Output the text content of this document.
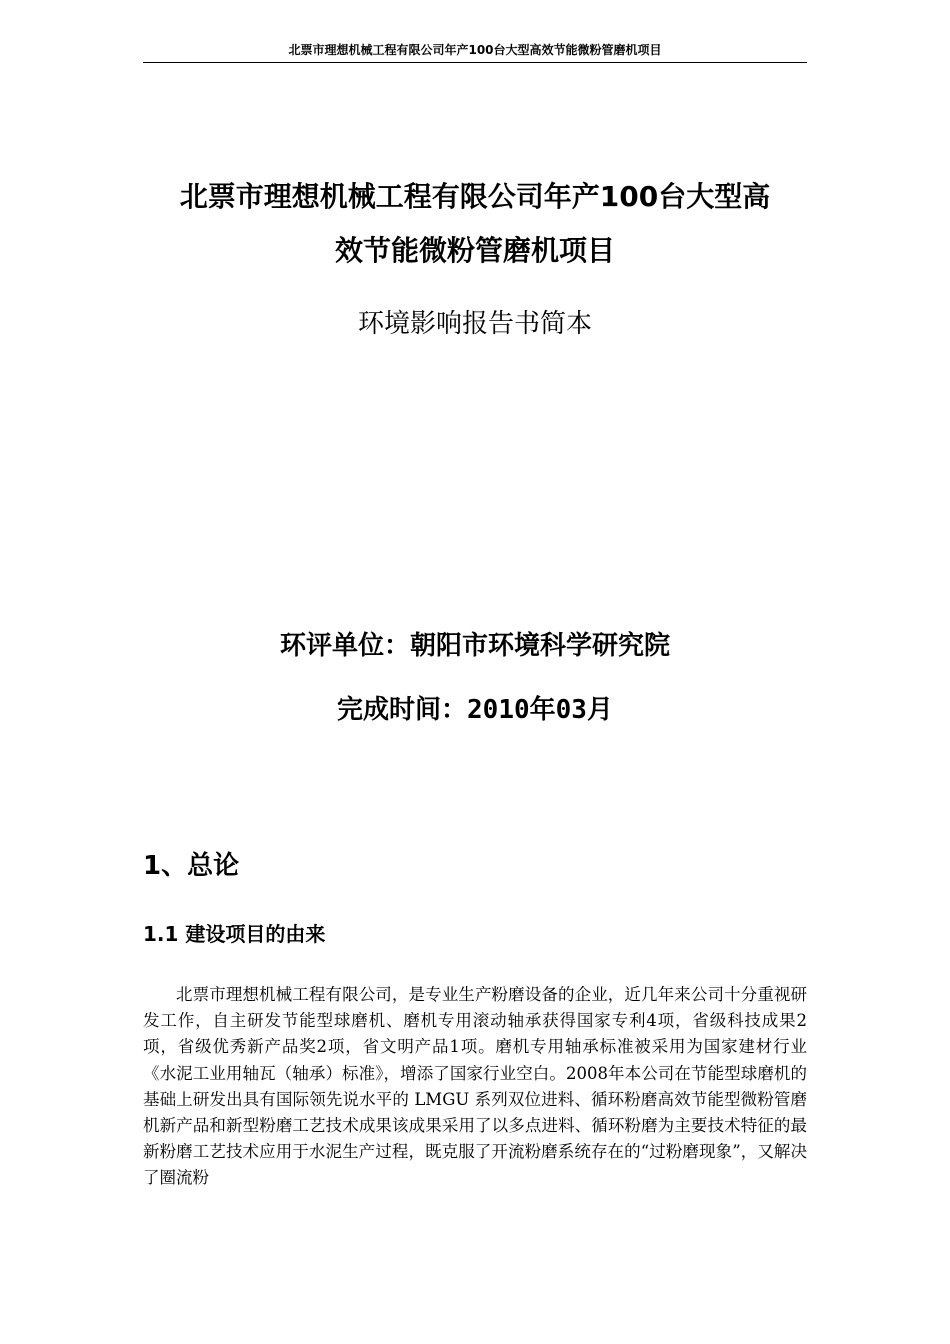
北票市理想机械工程有限公司年产100台大型高效节能微粉管磨机项目
北票市理想机械工程有限公司年产100台大型高
效节能微粉管磨机项目
环境影响报告书简本
环评单位：朝阳市环境科学研究院
完成时间：2010年03月
1、总论
1.1 建设项目的由来
北票市理想机械工程有限公司，是专业生产粉磨设备的企业，近几年来公司十分重视研发工作，自主研发节能型球磨机、磨机专用滚动轴承获得国家专利4项，省级科技成果2项，省级优秀新产品奖2项，省文明产品1项。磨机专用轴承标准被采用为国家建材行业《水泥工业用轴瓦（轴承）标准》，增添了国家行业空白。2008年本公司在节能型球磨机的基础上研发出具有国际领先说水平的 LMGU 系列双位进料、循环粉磨高效节能型微粉管磨机新产品和新型粉磨工艺技术成果该成果采用了以多点进料、循环粉磨为主要技术特征的最新粉磨工艺技术应用于水泥生产过程，既克服了开流粉磨系统存在的“过粉磨现象”，又解决了圈流粉
